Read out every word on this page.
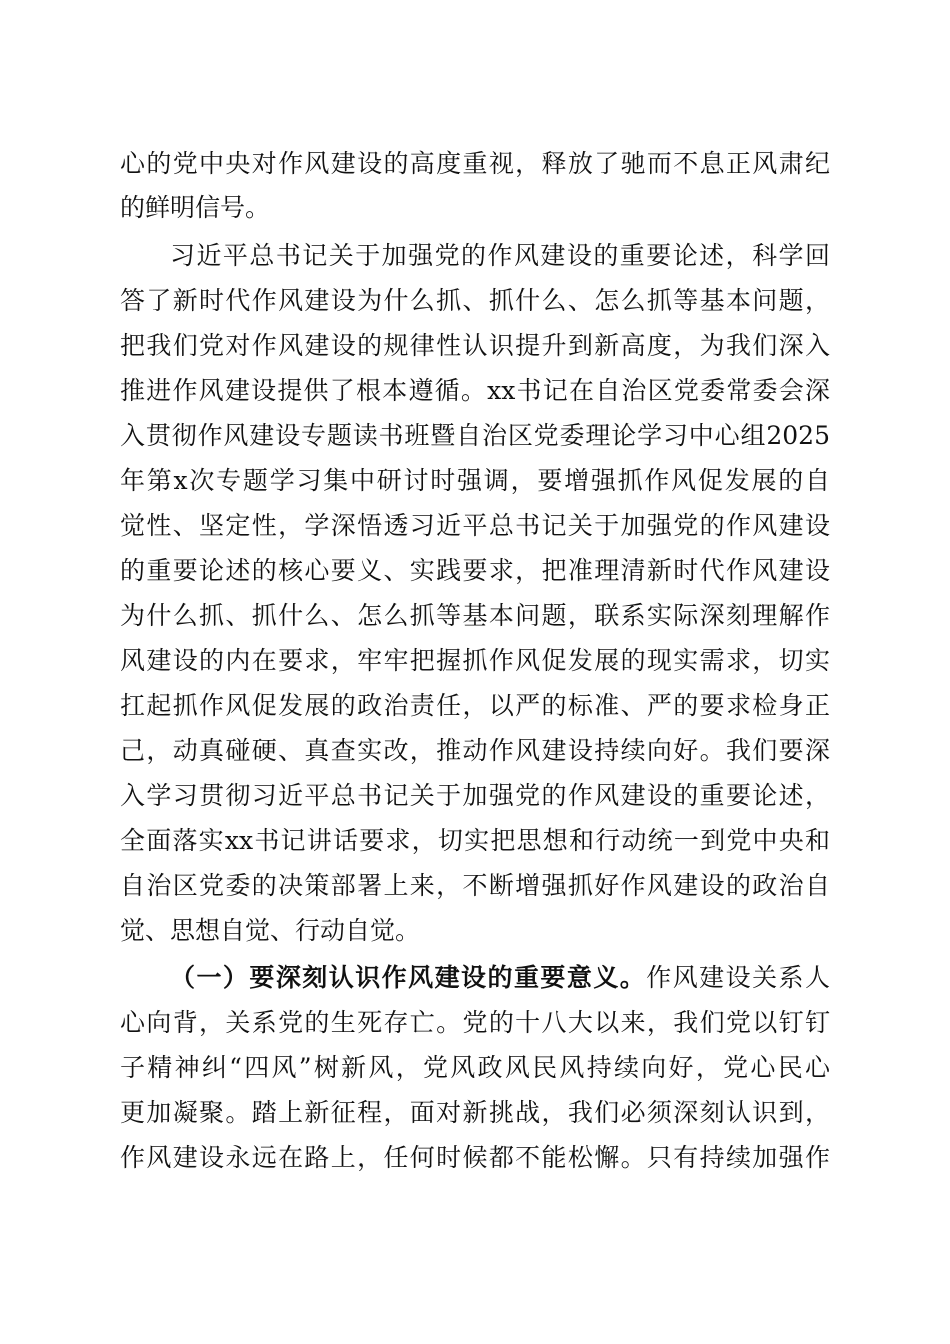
心的党中央对作风建设的高度重视，释放了驰而不息正风肃纪
的鲜明信号。
习近平总书记关于加强党的作风建设的重要论述，科学回
答了新时代作风建设为什么抓、抓什么、怎么抓等基本问题，
把我们党对作风建设的规律性认识提升到新高度，为我们深入
推进作风建设提供了根本遵循。xx书记在自治区党委常委会深
入贯彻作风建设专题读书班暨自治区党委理论学习中心组2025
年第x次专题学习集中研讨时强调，要增强抓作风促发展的自
觉性、坚定性，学深悟透习近平总书记关于加强党的作风建设
的重要论述的核心要义、实践要求，把准理清新时代作风建设
为什么抓、抓什么、怎么抓等基本问题，联系实际深刻理解作
风建设的内在要求，牢牢把握抓作风促发展的现实需求，切实
扛起抓作风促发展的政治责任，以严的标准、严的要求检身正
己，动真碰硬、真查实改，推动作风建设持续向好。我们要深
入学习贯彻习近平总书记关于加强党的作风建设的重要论述，
全面落实xx书记讲话要求，切实把思想和行动统一到党中央和
自治区党委的决策部署上来，不断增强抓好作风建设的政治自
觉、思想自觉、行动自觉。
（一）要深刻认识作风建设的重要意义。作风建设关系人
心向背，关系党的生死存亡。党的十八大以来，我们党以钉钉
子精神纠“四风”树新风，党风政风民风持续向好，党心民心
更加凝聚。踏上新征程，面对新挑战，我们必须深刻认识到，
作风建设永远在路上，任何时候都不能松懈。只有持续加强作
